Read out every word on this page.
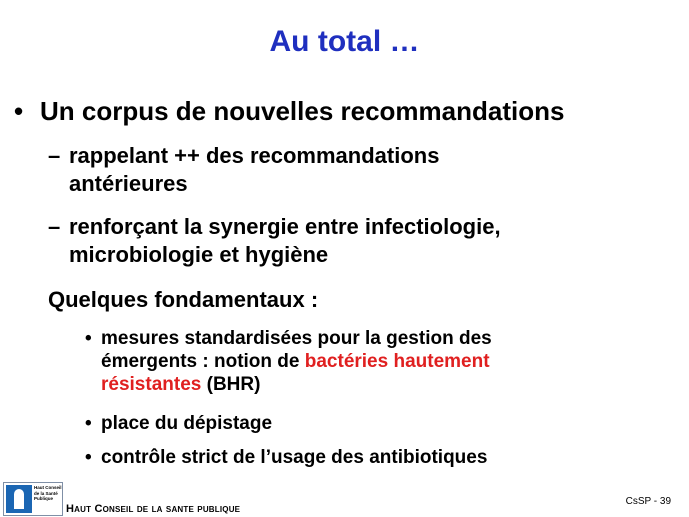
Au total …
• Un corpus de nouvelles recommandations
– rappelant ++ des recommandations
antérieures
– renforçant la synergie entre infectiologie,
microbiologie et hygiène
Quelques fondamentaux :
• mesures standardisées pour la gestion des émergents : notion de bactéries hautement résistantes (BHR)
• place du dépistage
• contrôle strict de l’usage des antibiotiques
Haut Conseil de la Santé Publique
Haut Conseil de la sante publique
CsSP - 39
